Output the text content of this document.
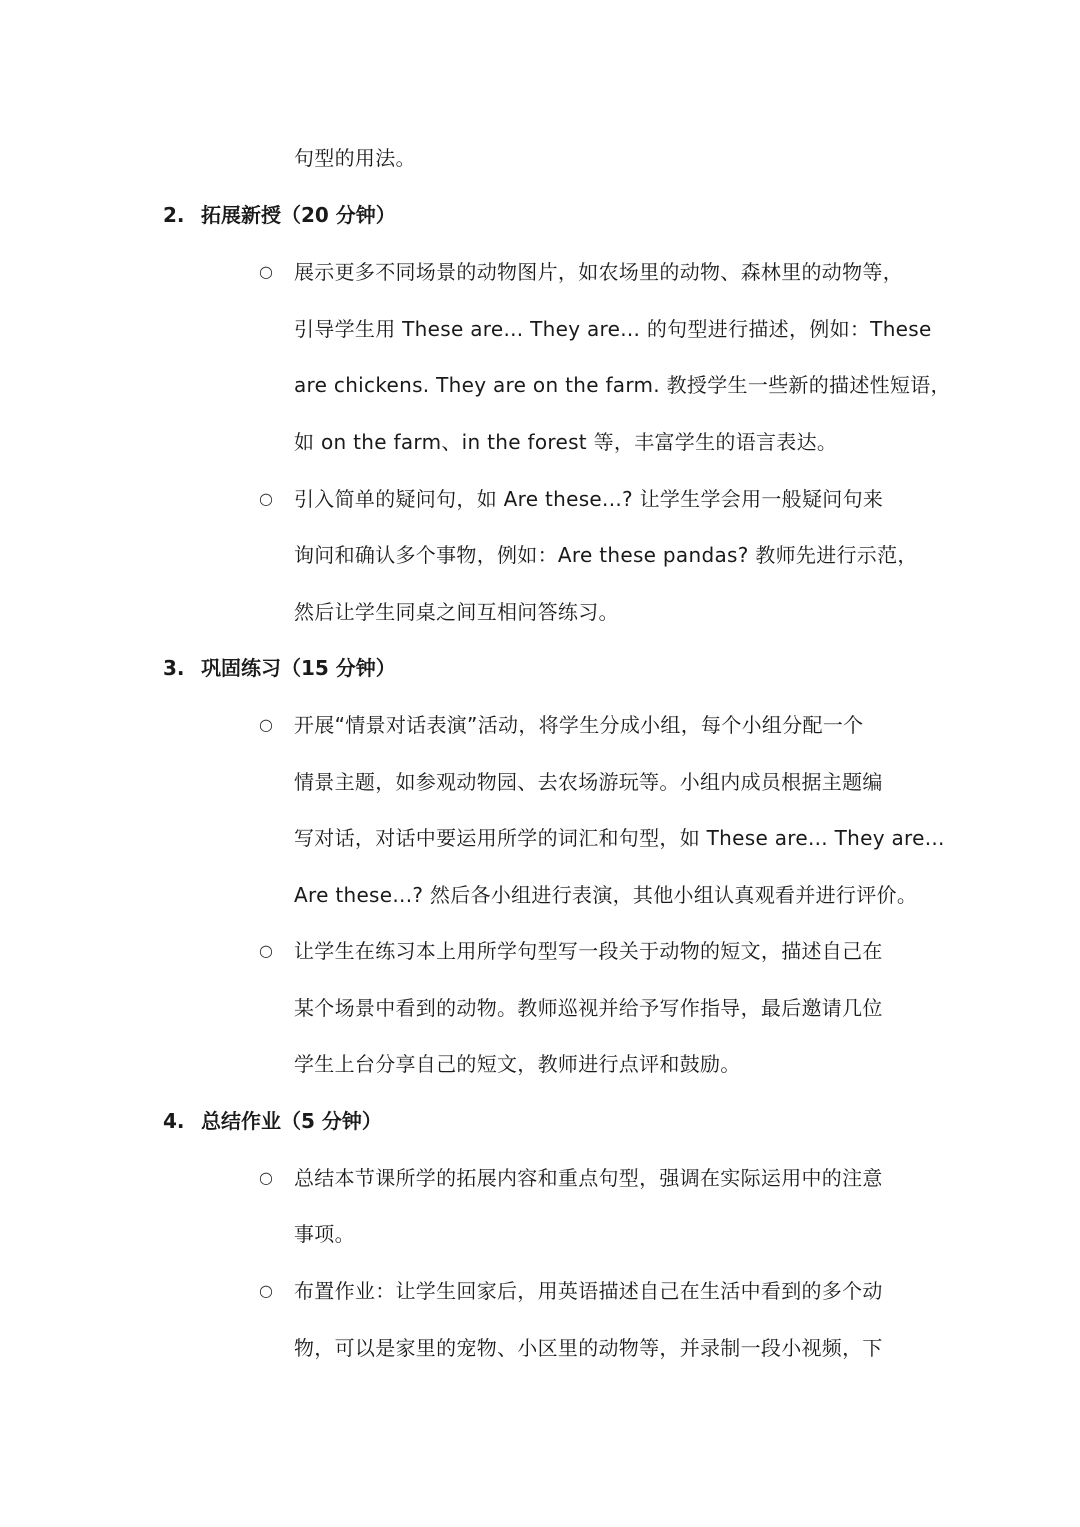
句型的用法。
2. 拓展新授（20 分钟）
○ 展示更多不同场景的动物图片，如农场里的动物、森林里的动物等，
引导学生用 These are... They are... 的句型进行描述，例如：These
are chickens. They are on the farm. 教授学生一些新的描述性短语，
如 on the farm、in the forest 等，丰富学生的语言表达。
○ 引入简单的疑问句，如 Are these...? 让学生学会用一般疑问句来
询问和确认多个事物，例如：Are these pandas? 教师先进行示范，
然后让学生同桌之间互相问答练习。
3. 巩固练习（15 分钟）
○ 开展“情景对话表演”活动，将学生分成小组，每个小组分配一个
情景主题，如参观动物园、去农场游玩等。小组内成员根据主题编
写对话，对话中要运用所学的词汇和句型，如 These are... They are...
Are these...? 然后各小组进行表演，其他小组认真观看并进行评价。
○ 让学生在练习本上用所学句型写一段关于动物的短文，描述自己在
某个场景中看到的动物。教师巡视并给予写作指导，最后邀请几位
学生上台分享自己的短文，教师进行点评和鼓励。
4. 总结作业（5 分钟）
○ 总结本节课所学的拓展内容和重点句型，强调在实际运用中的注意
事项。
○ 布置作业：让学生回家后，用英语描述自己在生活中看到的多个动
物，可以是家里的宠物、小区里的动物等，并录制一段小视频，下
